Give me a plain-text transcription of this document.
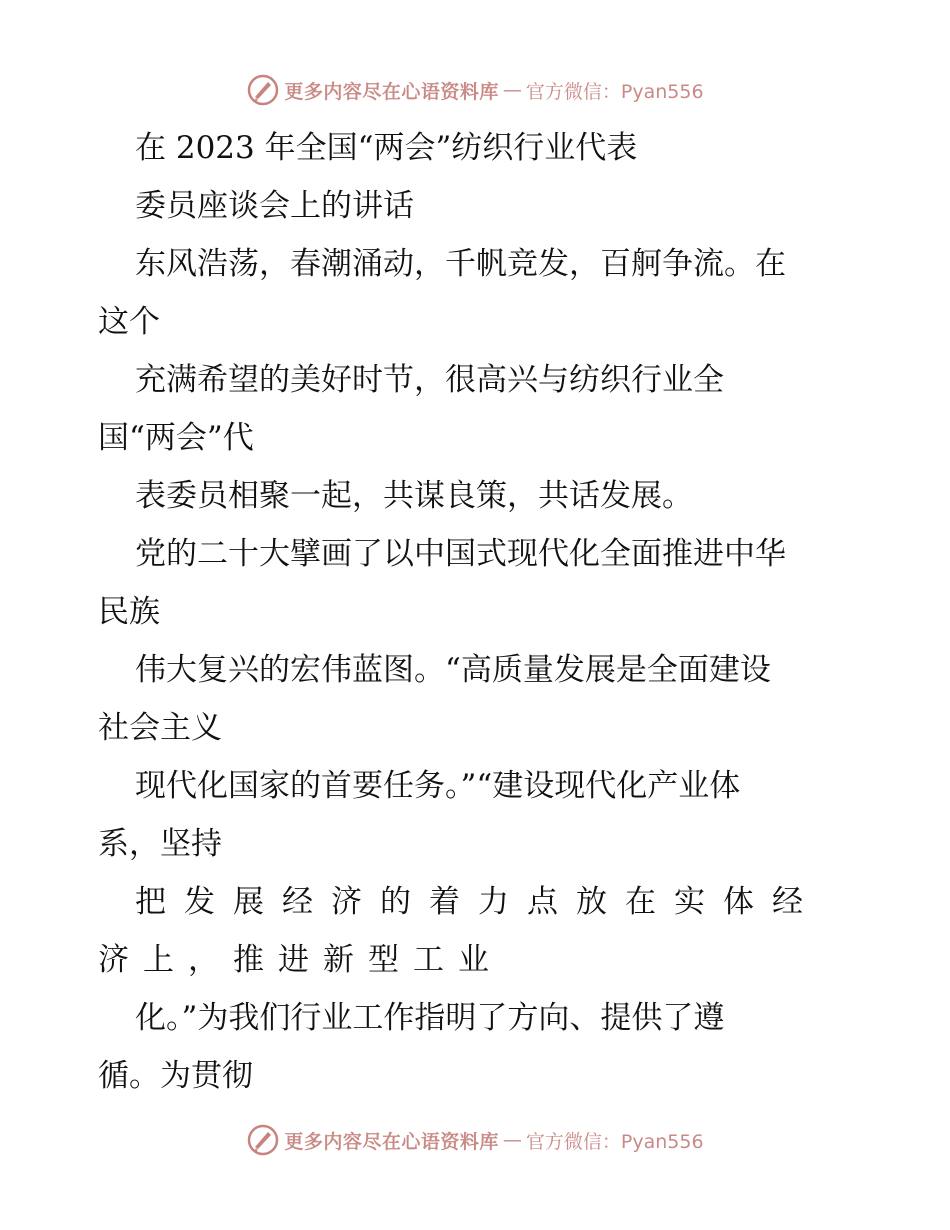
更多内容尽在心语资料库 — 官方微信：Pyan556
在 2023 年全国“两会”纺织行业代表
委员座谈会上的讲话
东风浩荡，春潮涌动，千帆竞发，百舸争流。在
这个
充满希望的美好时节，很高兴与纺织行业全
国“两会”代
表委员相聚一起，共谋良策，共话发展。
党的二十大擘画了以中国式现代化全面推进中华
民族
伟大复兴的宏伟蓝图。“高质量发展是全面建设
社会主义
现代化国家的首要任务。”“建设现代化产业体
系，坚持
把发展经济的着力点放在实体经
济上，推进新型工业
化。”为我们行业工作指明了方向、提供了遵
循。为贯彻
更多内容尽在心语资料库 — 官方微信：Pyan556
